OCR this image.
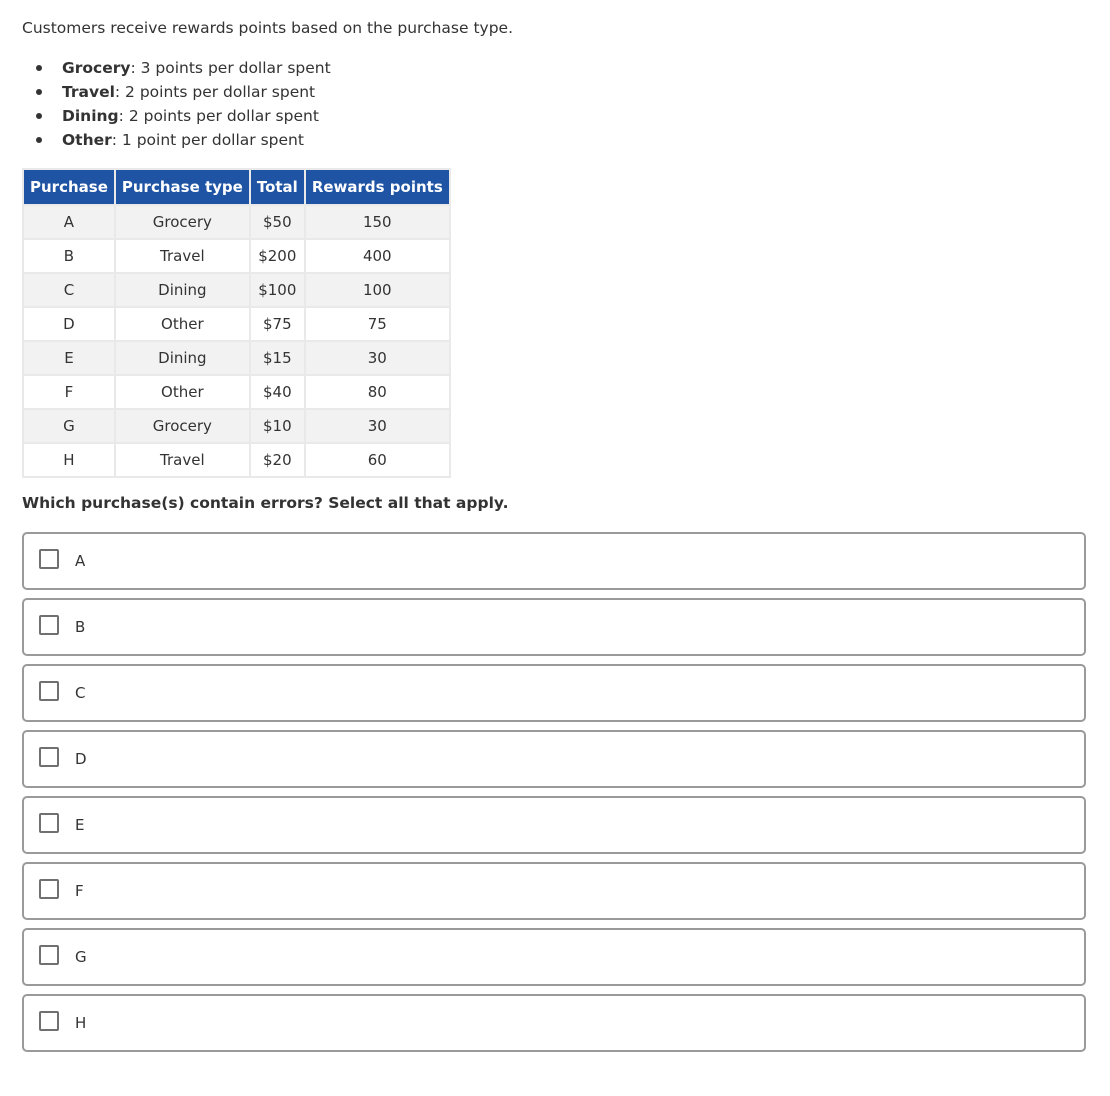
Customers receive rewards points based on the purchase type.
Grocery: 3 points per dollar spent
Travel: 2 points per dollar spent
Dining: 2 points per dollar spent
Other: 1 point per dollar spent
Purchase	Purchase type	Total	Rewards points
A	Grocery	$50	150
B	Travel	$200	400
C	Dining	$100	100
D	Other	$75	75
E	Dining	$15	30
F	Other	$40	80
G	Grocery	$10	30
H	Travel	$20	60
Which purchase(s) contain errors? Select all that apply.
A
B
C
D
E
F
G
H
